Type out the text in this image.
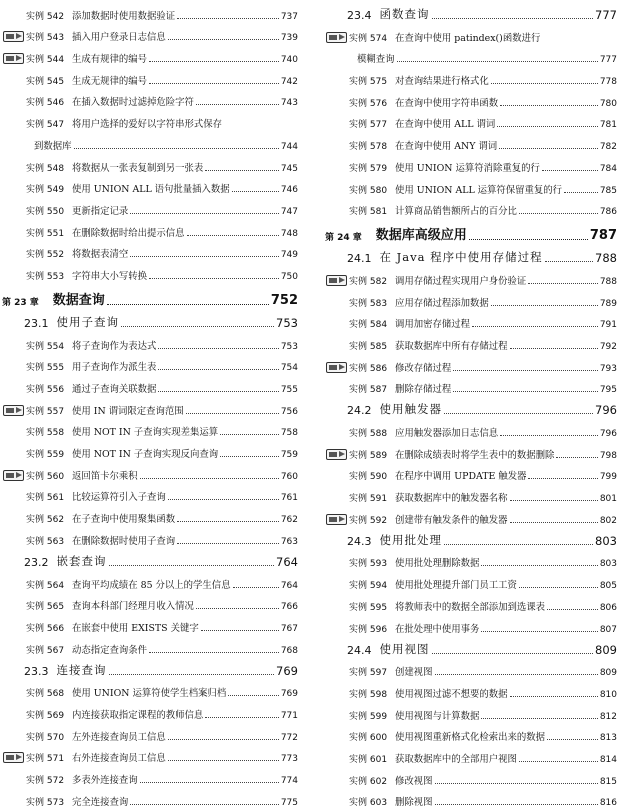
实例 542 添加数据时使用数据验证	737
实例 543 插入用户登录日志信息	739
实例 544 生成有规律的编号	740
实例 545 生成无规律的编号	742
实例 546 在插入数据时过滤掉危险字符	743
实例 547 将用户选择的爱好以字符串形式保存
到数据库	744
实例 548 将数据从一张表复制到另一张表	745
实例 549 使用 UNION ALL 语句批量插入数据	746
实例 550 更新指定记录	747
实例 551 在删除数据时给出提示信息	748
实例 552 将数据表清空	749
实例 553 字符串大小写转换	750
第 23 章 数据查询	752
23.1 使用子查询	753
实例 554 将子查询作为表达式	753
实例 555 用子查询作为派生表	754
实例 556 通过子查询关联数据	755
实例 557 使用 IN 谓词限定查询范围	756
实例 558 使用 NOT IN 子查询实现差集运算	758
实例 559 使用 NOT IN 子查询实现反向查询	759
实例 560 返回笛卡尔乘积	760
实例 561 比较运算符引入子查询	761
实例 562 在子查询中使用聚集函数	762
实例 563 在删除数据时使用子查询	763
23.2 嵌套查询	764
实例 564 查询平均成绩在 85 分以上的学生信息	764
实例 565 查询本科部门经理月收入情况	766
实例 566 在嵌套中使用 EXISTS 关键字	767
实例 567 动态指定查询条件	768
23.3 连接查询	769
实例 568 使用 UNION 运算符使学生档案归档	769
实例 569 内连接获取指定课程的教师信息	771
实例 570 左外连接查询员工信息	772
实例 571 右外连接查询员工信息	773
实例 572 多表外连接查询	774
实例 573 完全连接查询	775
23.4 函数查询	777
实例 574 在查询中使用 patindex()函数进行
模糊查询	777
实例 575 对查询结果进行格式化	778
实例 576 在查询中使用字符串函数	780
实例 577 在查询中使用 ALL 谓词	781
实例 578 在查询中使用 ANY 谓词	782
实例 579 使用 UNION 运算符消除重复的行	784
实例 580 使用 UNION ALL 运算符保留重复的行	785
实例 581 计算商品销售额所占的百分比	786
第 24 章 数据库高级应用	787
24.1 在 Java 程序中使用存储过程	788
实例 582 调用存储过程实现用户身份验证	788
实例 583 应用存储过程添加数据	789
实例 584 调用加密存储过程	791
实例 585 获取数据库中所有存储过程	792
实例 586 修改存储过程	793
实例 587 删除存储过程	795
24.2 使用触发器	796
实例 588 应用触发器添加日志信息	796
实例 589 在删除成绩表时将学生表中的数据删除	798
实例 590 在程序中调用 UPDATE 触发器	799
实例 591 获取数据库中的触发器名称	801
实例 592 创建带有触发条件的触发器	802
24.3 使用批处理	803
实例 593 使用批处理删除数据	803
实例 594 使用批处理提升部门员工工资	805
实例 595 将教师表中的数据全部添加到选课表	806
实例 596 在批处理中使用事务	807
24.4 使用视图	809
实例 597 创建视图	809
实例 598 使用视图过滤不想要的数据	810
实例 599 使用视图与计算数据	812
实例 600 使用视图重新格式化检索出来的数据	813
实例 601 获取数据库中的全部用户视图	814
实例 602 修改视图	815
实例 603 删除视图	816
